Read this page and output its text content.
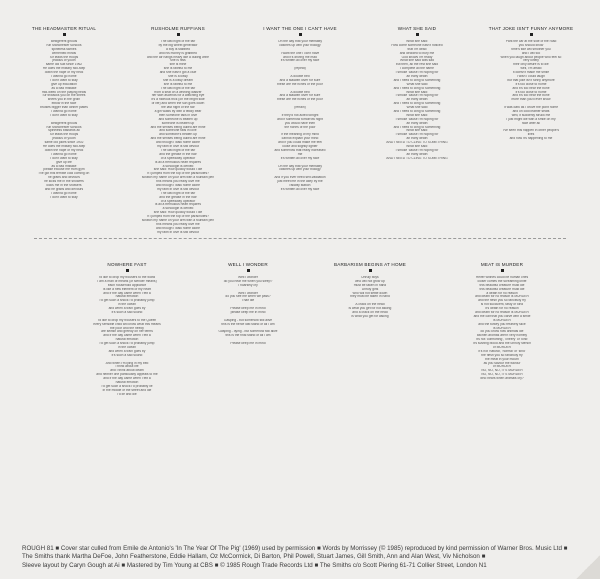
THE HEADMASTER RITUAL
Belligerent ghouls
run Manchester schools
spineless swines
cemented minds
Sir leads the troops
jealous of youth
same old suit since 1962
He does the military two-step
down the nape of my neck
I wanna go home
I don't want to stay
give up education
as a bad mistake
mid-week on the playing fields
Sir thwacks you on the knees
knees you in the groin
elbow in the face
bruises bigger than dinner plates
I wanna go home
I don't want to stay

Belligerent ghouls
run Manchester schools
spineless bastards all
Sir leads the troops
jealous of youth
same old jokes since 1902
He does the military two-step
down the nape of my neck
I wanna go home
I don't want to stay
give up life
as a bad mistake
please excuse me from gym
I've got this terrible cold coming on
he grabs and devours
he kicks me in the showers
kicks me in the showers
and he grabs and devours
I wanna go home
I don't want to stay
RUSHOLME RUFFIANS
The last night of the fair
by the big wheel generator
a boy is stabbed
and his money is grabbed
and the air hangs heavy like a dulling wine
she is hiss
she is mine
she is faithful to me
and she hasn't got a clue
she is a kissy
she is a kissy dream
she is faithful to me
The last night of the fair
from a seat on a whirling waltzer
her skirt ascends for a watching eye
it's a hideous trick (on the bright side
of life) and when the sun goes down
the last night of the fair
a girl walks by with a teddy bear
then someone falls in love
and someone is beaten up
someone is beaten up
and the senses being dulled are mine
and someone falls in love
and someone's beaten up
and the senses being dulled are mine
and though I walk home alone
my faith in love is still devout
The last night of the fair
and the grease in the hair
of a speedway operator
is all a tremulous heart requires
a schoolgirl is denied
she said: How quickly would I die
if I jumped from the top of the parachutes?
scratch my name on your arm with a fountain pen
this means you really love me
and though I walk home alone
my faith in love is still devout
The last night of the fair
and the grease in the hair
of a speedway operator
is all a tremulous heart requires
a schoolgirl is denied
she said: How quickly would I die
if I jumped from the top of the parachutes?
scratch my name on your arm with a fountain pen
this means you really love me
and though I walk home alone
my faith in love is still devout
I WANT THE ONE I CAN'T HAVE
On the day that your mentality
catches up with your biology

I want the one I can't have
and it's driving me mad
it's written all over my face

(repeat)

A double bed
and a stalwart lover for sure
these are the riches of the poor

A double bed
and a stalwart lover for sure
these are the riches of the poor

(refrain)

If they'd not acted tonight
and if somehow tomorrow night
you would have then
the riches of the poor

if the meaning of my mind
cannot explain your mind
and if you could make me feel
loose and slightly lighter
and somehow that really increased
me
it's written all over my face

On the day that your mentality
catches up with your biology

And if you ever need self-validation
just meet me in the alley by the
railway station
it's written all over my face
WHAT SHE SAID
What she said:
How come someone hasn't noticed
that I'm dead
and decided to bury me
God knows I'm ready
What she said was sad
but then, all the rest she said
I complete all the flame
I smoke 'cause I'm hoping for
an early death
and I need to cling to something
What she said
and I need to cling to something
What she said:
I smoke 'cause I'm hoping for
an early death
and I need to cling to something
What she said
and I need to cling to something
What she said:
I smoke 'cause I'm hoping for
an early death
and I need to cling to something
What she said:
I smoke 'cause I'm hoping for
an early death
AND I NEED TO CLING TO SOMETHING
What she said:
I smoke 'cause I'm hoping for
an early death
AND I NEED TO CLING TO SOMETHING
THAT JOKE ISN'T FUNNY ANYMORE
Park the car at the side of the road
you should know
time's tide will smother you
and I will too
when you laugh about people who feel so
very lonely
their only desire is to die
well, I'm afraid
it doesn't make me smile
I wish I could laugh
but that joke isn't funny anymore
it's too close to home
and it's too near the bone
it's too close to home
and it's too near the bone
more than you'll ever know

It was dark as I drove the point home
and on cold leather seats
well, it suddenly struck me
I just might die with a smile on my
face after all

I've seen this happen in other people's
lives
and now it's happening to me
NOWHERE FAST
I'd like to drop my trousers to the world
I am a man of means (of slender means)
each household appliance
is like a new element of my heart
and if the day came when I felt a
natural emotion
I'd get such a shock I'd probably jump
in the ocean
and when a train goes by
it's such a sad sound

I'd like to drop my trousers to the Queen
every sensible child will know what this means
the poor and the needy
are selfish and greedy on her terms
and if the day came when I felt a
natural emotion
I'd get such a shock I'd probably jump
in the ocean
and when a train goes by
it's such a sad sound

And when I'm lying in my bed
I think about life
and I think about death
and neither one particularly appeals to me
and if the day came when I felt a
natural emotion
I'd get such a shock I'd probably lie
in the middle of the street and die
I'd lie and die
WELL I WONDER
Well I wonder
do you hear me when you sleep?
I hoarsely cry

Well I wonder
do you see me when we pass?
I half die

Please keep me in mind
please keep me in mind

Gasping - but somehow still alive
this is the fierce last stand of all I am

Gasping - dying - but somehow still alive
this is the final stand of all I am

Please keep me in mind
BARBARISM BEGINS AT HOME
Unruly boys
who will not grow up
must be taken in hand
Unruly girls
who will not settle down
they must be taken in hand

A crack on the head
is what you get for not asking
and a crack on the head
is what you get for asking
MEAT IS MURDER
Heifer whines could be human cries
closer comes the screaming knife
this beautiful creature must die
this beautiful creature must die
a death for no reason
and death for no reason is MURDER
and the flesh you so fancifully fry
is not succulent, tasty or kind
it's death for no reason
and death for no reason is MURDER
and the calf that you carve with a smile
is MURDER
and the turkey you festively slice
is MURDER
do you know how animals die
kitchen aromas aren't very homely
it's not 'comforting', 'cheery' or 'kind'
it's sizzling blood and the unholy stench
of MURDER
it's not 'natural', 'normal' or 'kind'
the flesh you so fancifully fry
the meat in your mouth
as you savour the flavour
of MURDER
NO, NO, NO, IT'S MURDER
NO, NO, NO, IT'S MURDER
who hears when animals cry?
ROUGH 81 ■ Cover star culled from Emile de Antonio's 'In The Year Of The Pig' (1969) used by permission ■ Words by Morrissey (© 1985) reproduced by kind permission of Warner Bros. Music Ltd ■ The Smiths thank Martha DeFoe, John Featherstone, Eddie Hallam, Oz McCormick, Di Barton, Phil Powell, Stuart James, Gill Smith, Ann and Alan West, Viv Nicholson ■ Sleeve layout by Caryn Gough at Ai ■ Mastered by Tim Young at CBS ■ © 1985 Rough Trade Records Ltd ■ The Smiths c/o Scott Piering 61-71 Collier Street, London N1
